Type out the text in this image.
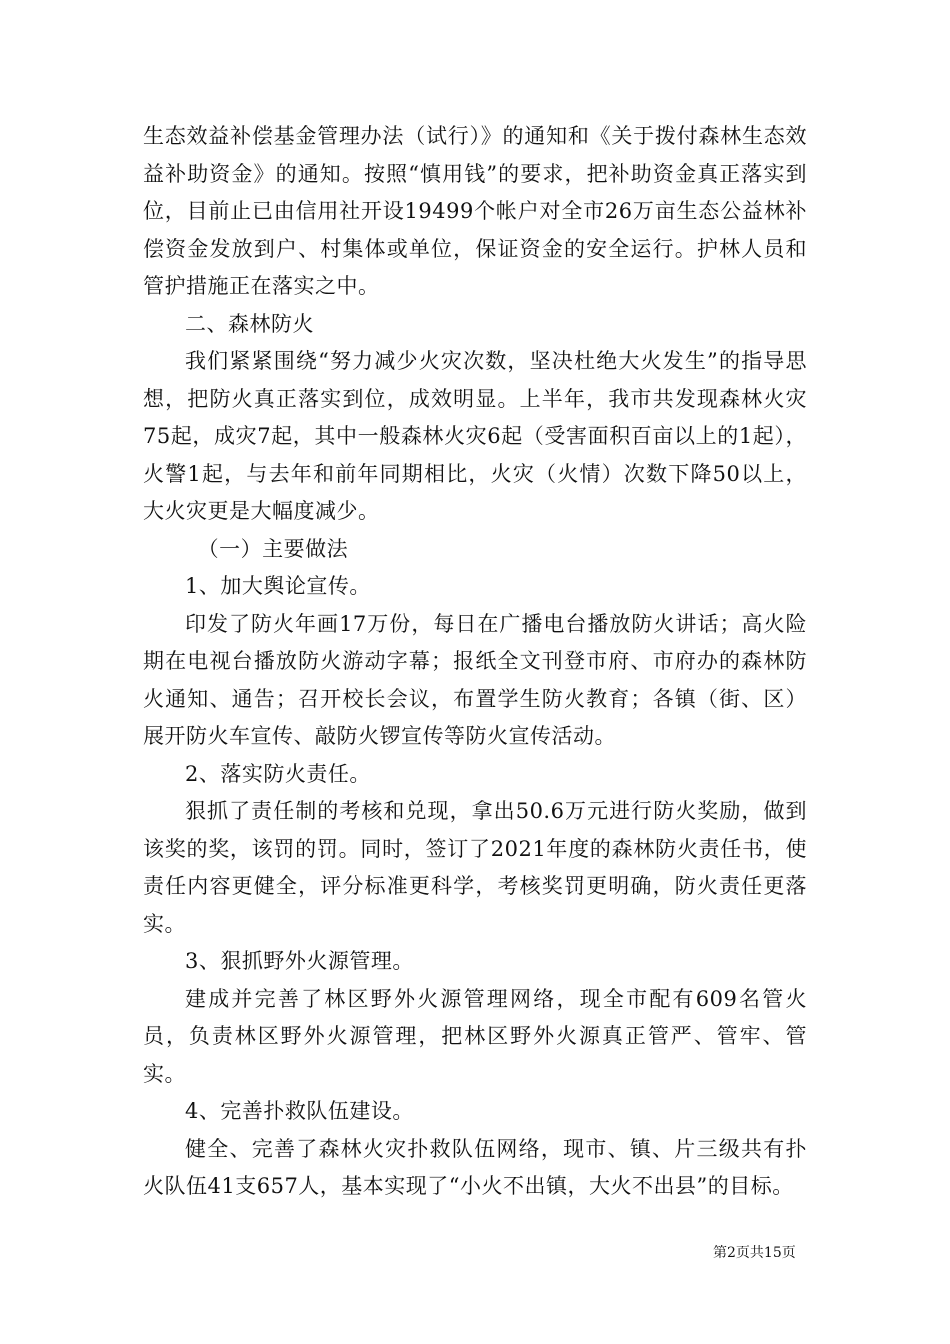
生态效益补偿基金管理办法（试行）》的通知和《关于拨付森林生态效益补助资金》的通知。按照“慎用钱”的要求，把补助资金真正落实到位，目前止已由信用社开设19499个帐户对全市26万亩生态公益林补偿资金发放到户、村集体或单位，保证资金的安全运行。护林人员和管护措施正在落实之中。

二、森林防火

我们紧紧围绕“努力减少火灾次数，坚决杜绝大火发生”的指导思想，把防火真正落实到位，成效明显。上半年，我市共发现森林火灾75起，成灾7起，其中一般森林火灾6起（受害面积百亩以上的1起），火警1起，与去年和前年同期相比，火灾（火情）次数下降50以上，大火灾更是大幅度减少。

（一）主要做法

1、加大舆论宣传。

印发了防火年画17万份，每日在广播电台播放防火讲话；高火险期在电视台播放防火游动字幕；报纸全文刊登市府、市府办的森林防火通知、通告；召开校长会议，布置学生防火教育；各镇（街、区）展开防火车宣传、敲防火锣宣传等防火宣传活动。

2、落实防火责任。

狠抓了责任制的考核和兑现，拿出50.6万元进行防火奖励，做到该奖的奖，该罚的罚。同时，签订了2021年度的森林防火责任书，使责任内容更健全，评分标准更科学，考核奖罚更明确，防火责任更落实。

3、狠抓野外火源管理。

建成并完善了林区野外火源管理网络，现全市配有609名管火员，负责林区野外火源管理，把林区野外火源真正管严、管牢、管实。

4、完善扑救队伍建设。

健全、完善了森林火灾扑救队伍网络，现市、镇、片三级共有扑火队伍41支657人，基本实现了“小火不出镇，大火不出县”的目标。

第2页共15页
